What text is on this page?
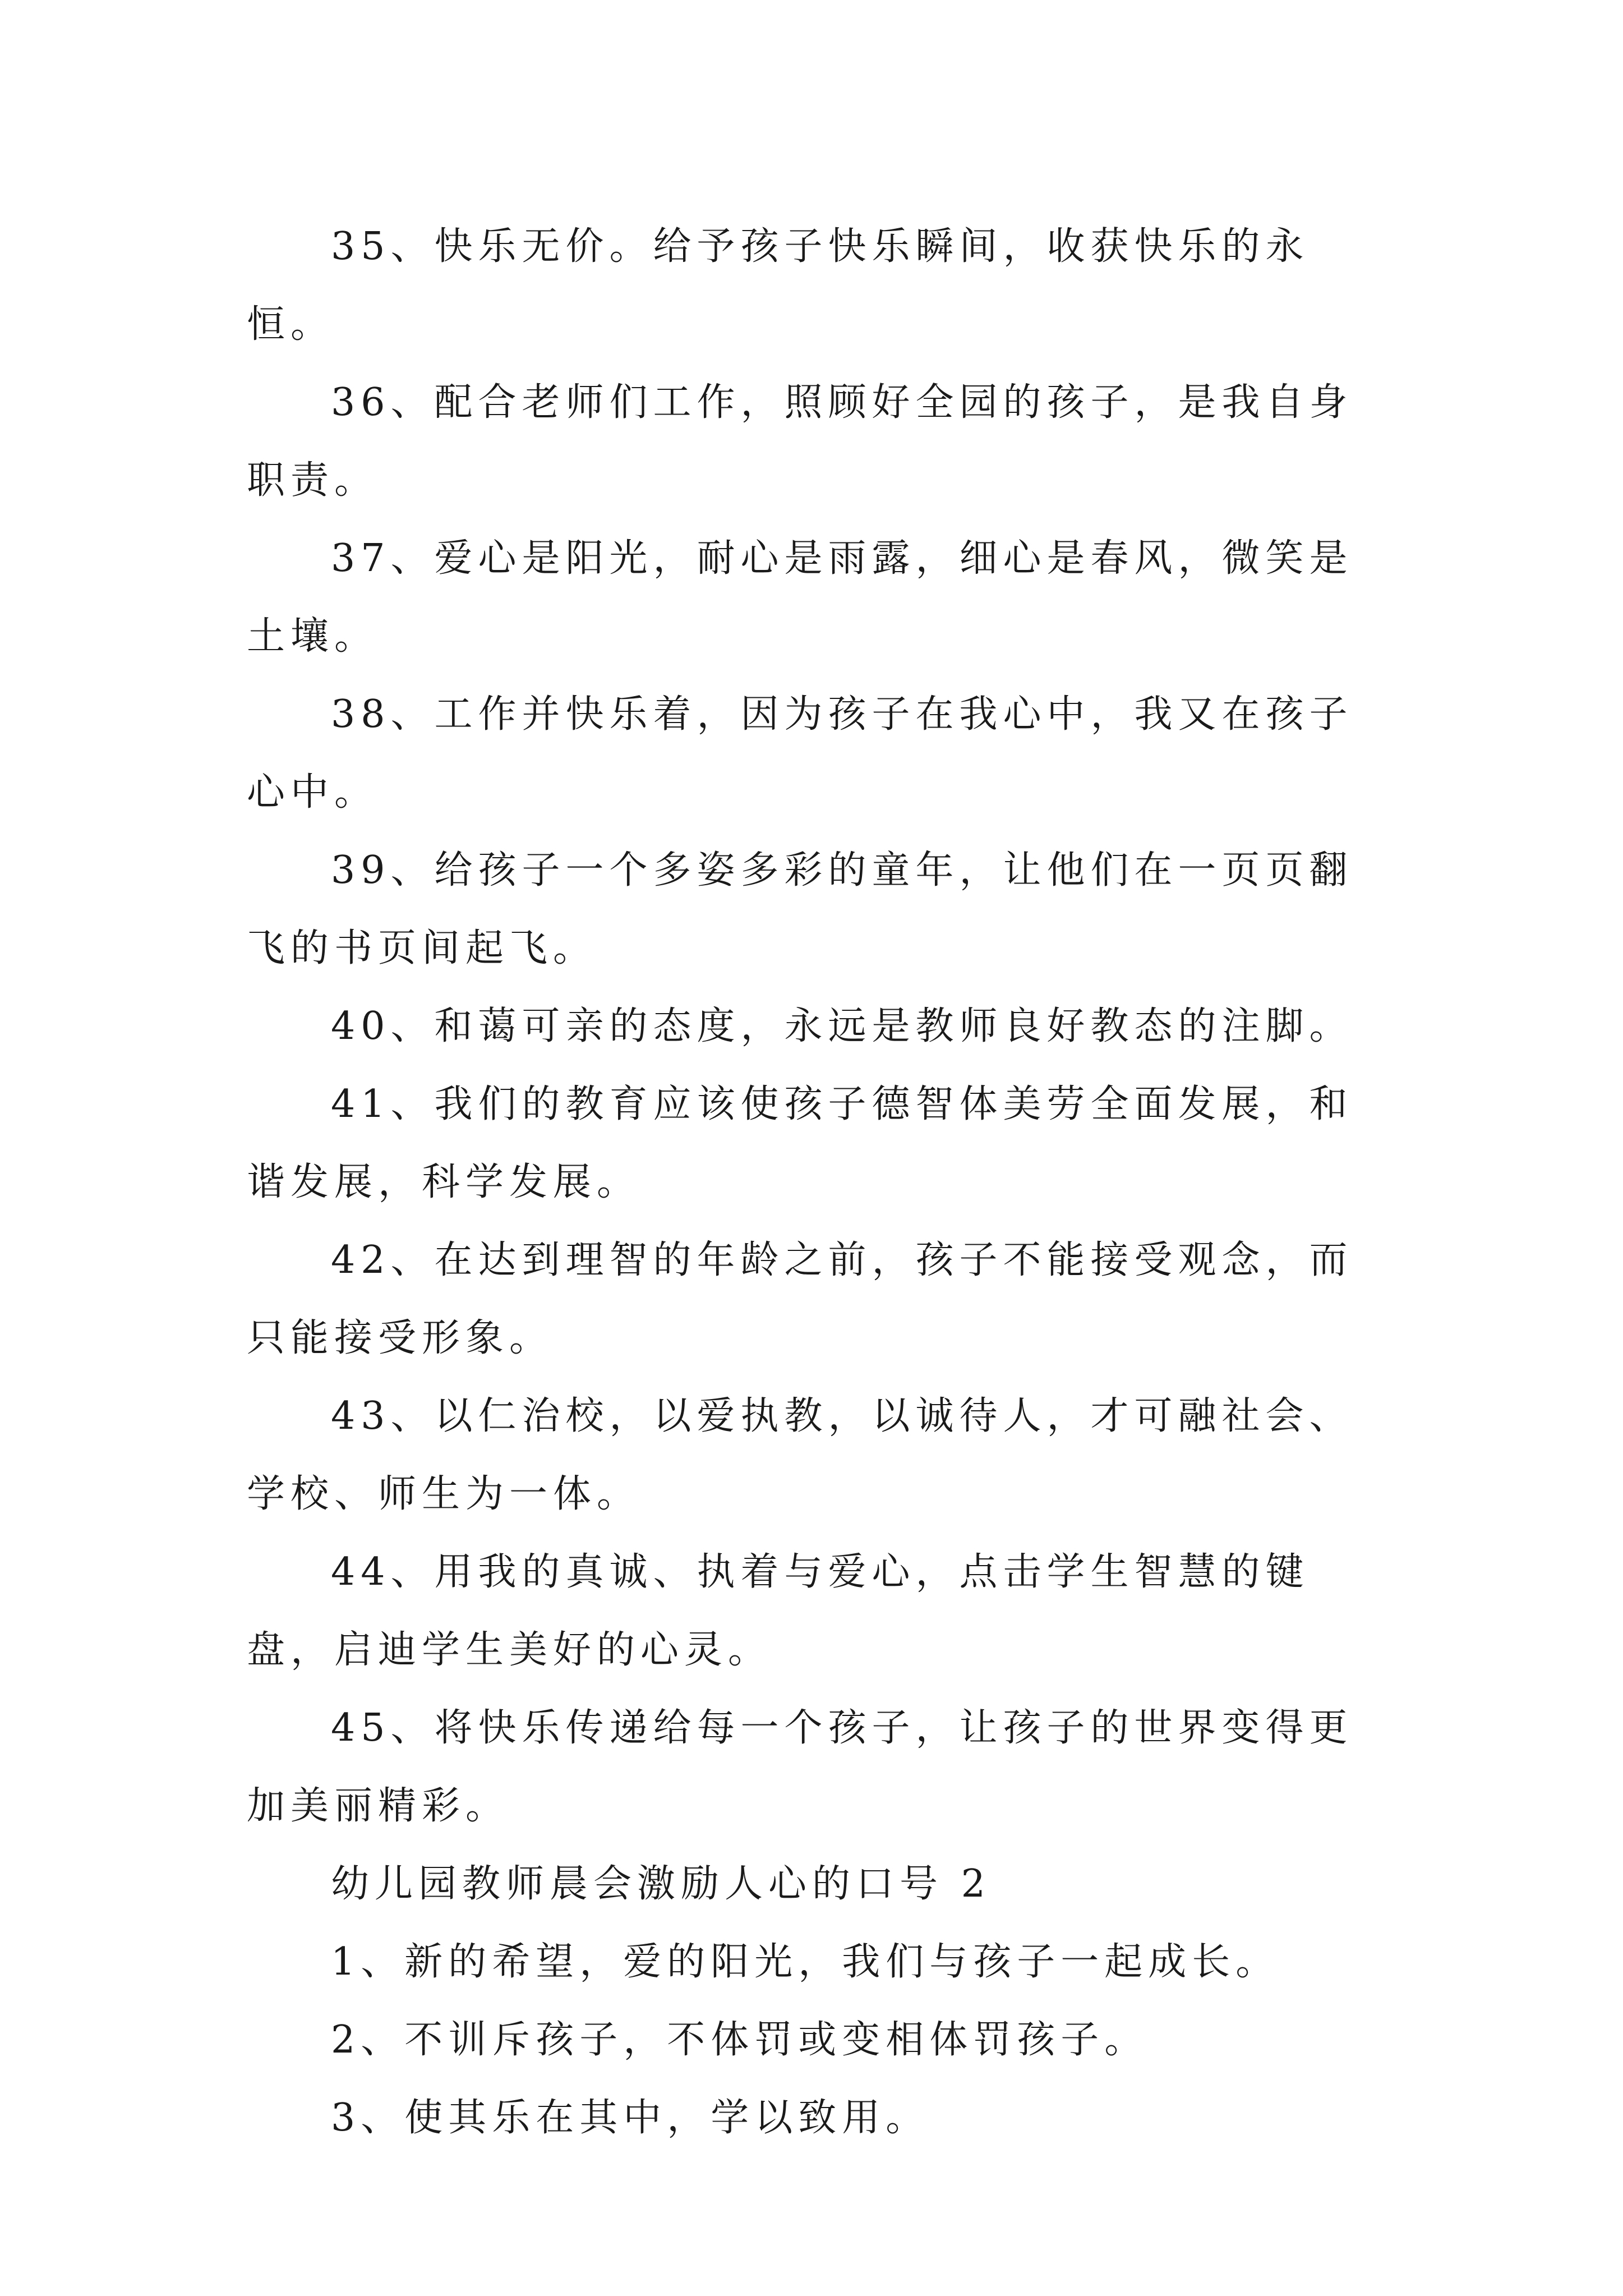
35、快乐无价。给予孩子快乐瞬间，收获快乐的永恒。

36、配合老师们工作，照顾好全园的孩子，是我自身职责。

37、爱心是阳光，耐心是雨露，细心是春风，微笑是土壤。

38、工作并快乐着，因为孩子在我心中，我又在孩子心中。

39、给孩子一个多姿多彩的童年，让他们在一页页翻飞的书页间起飞。

40、和蔼可亲的态度，永远是教师良好教态的注脚。

41、我们的教育应该使孩子德智体美劳全面发展，和谐发展，科学发展。

42、在达到理智的年龄之前，孩子不能接受观念，而只能接受形象。

43、以仁治校，以爱执教，以诚待人，才可融社会、学校、师生为一体。

44、用我的真诚、执着与爱心，点击学生智慧的键盘，启迪学生美好的心灵。

45、将快乐传递给每一个孩子，让孩子的世界变得更加美丽精彩。

幼儿园教师晨会激励人心的口号 2

1、新的希望，爱的阳光，我们与孩子一起成长。

2、不训斥孩子，不体罚或变相体罚孩子。

3、使其乐在其中，学以致用。
